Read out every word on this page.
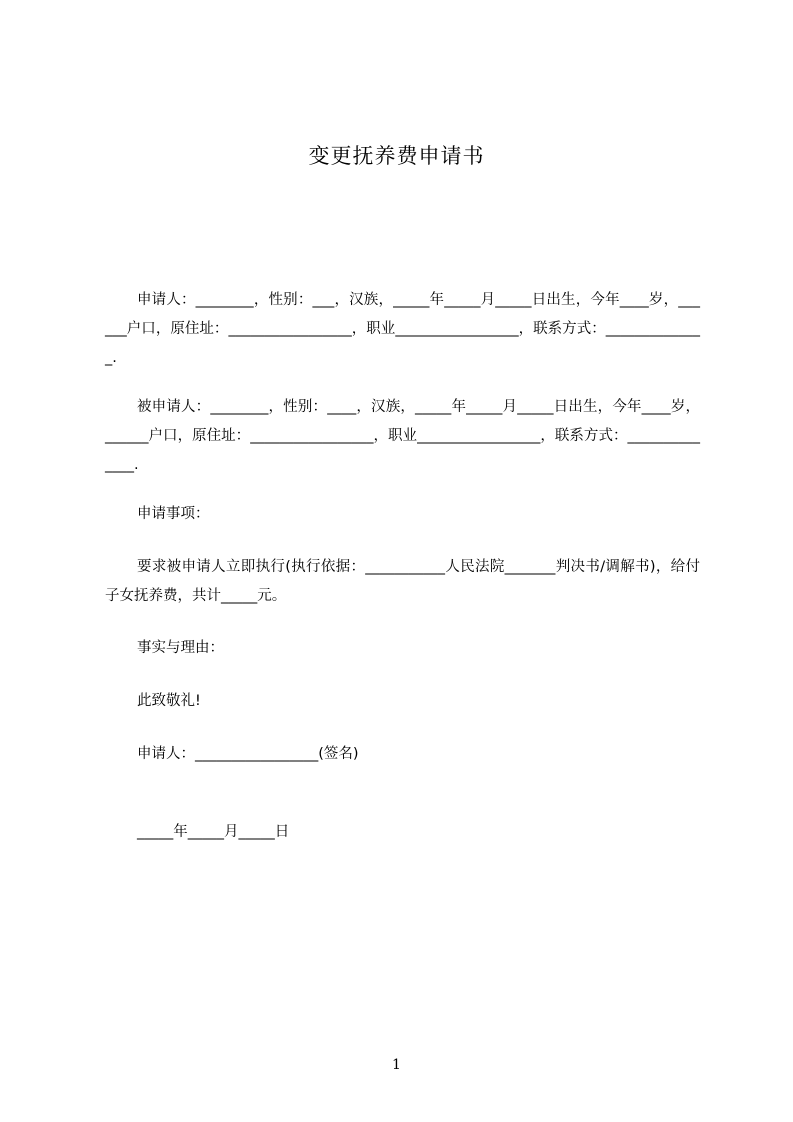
变更抚养费申请书
申请人：________，性别：___，汉族，_____年_____月_____日出生，今年____岁，______户口，原住址：_________________，职业_________________，联系方式：______________.
被申请人：________，性别：____，汉族，_____年_____月_____日出生，今年____岁，______户口，原住址：_________________，职业_________________，联系方式：______________.
申请事项：
要求被申请人立即执行(执行依据：___________人民法院_______判决书/调解书)，给付子女抚养费，共计_____元。
事实与理由：
此致敬礼!
申请人：_________________(签名)
_____年_____月_____日
1
